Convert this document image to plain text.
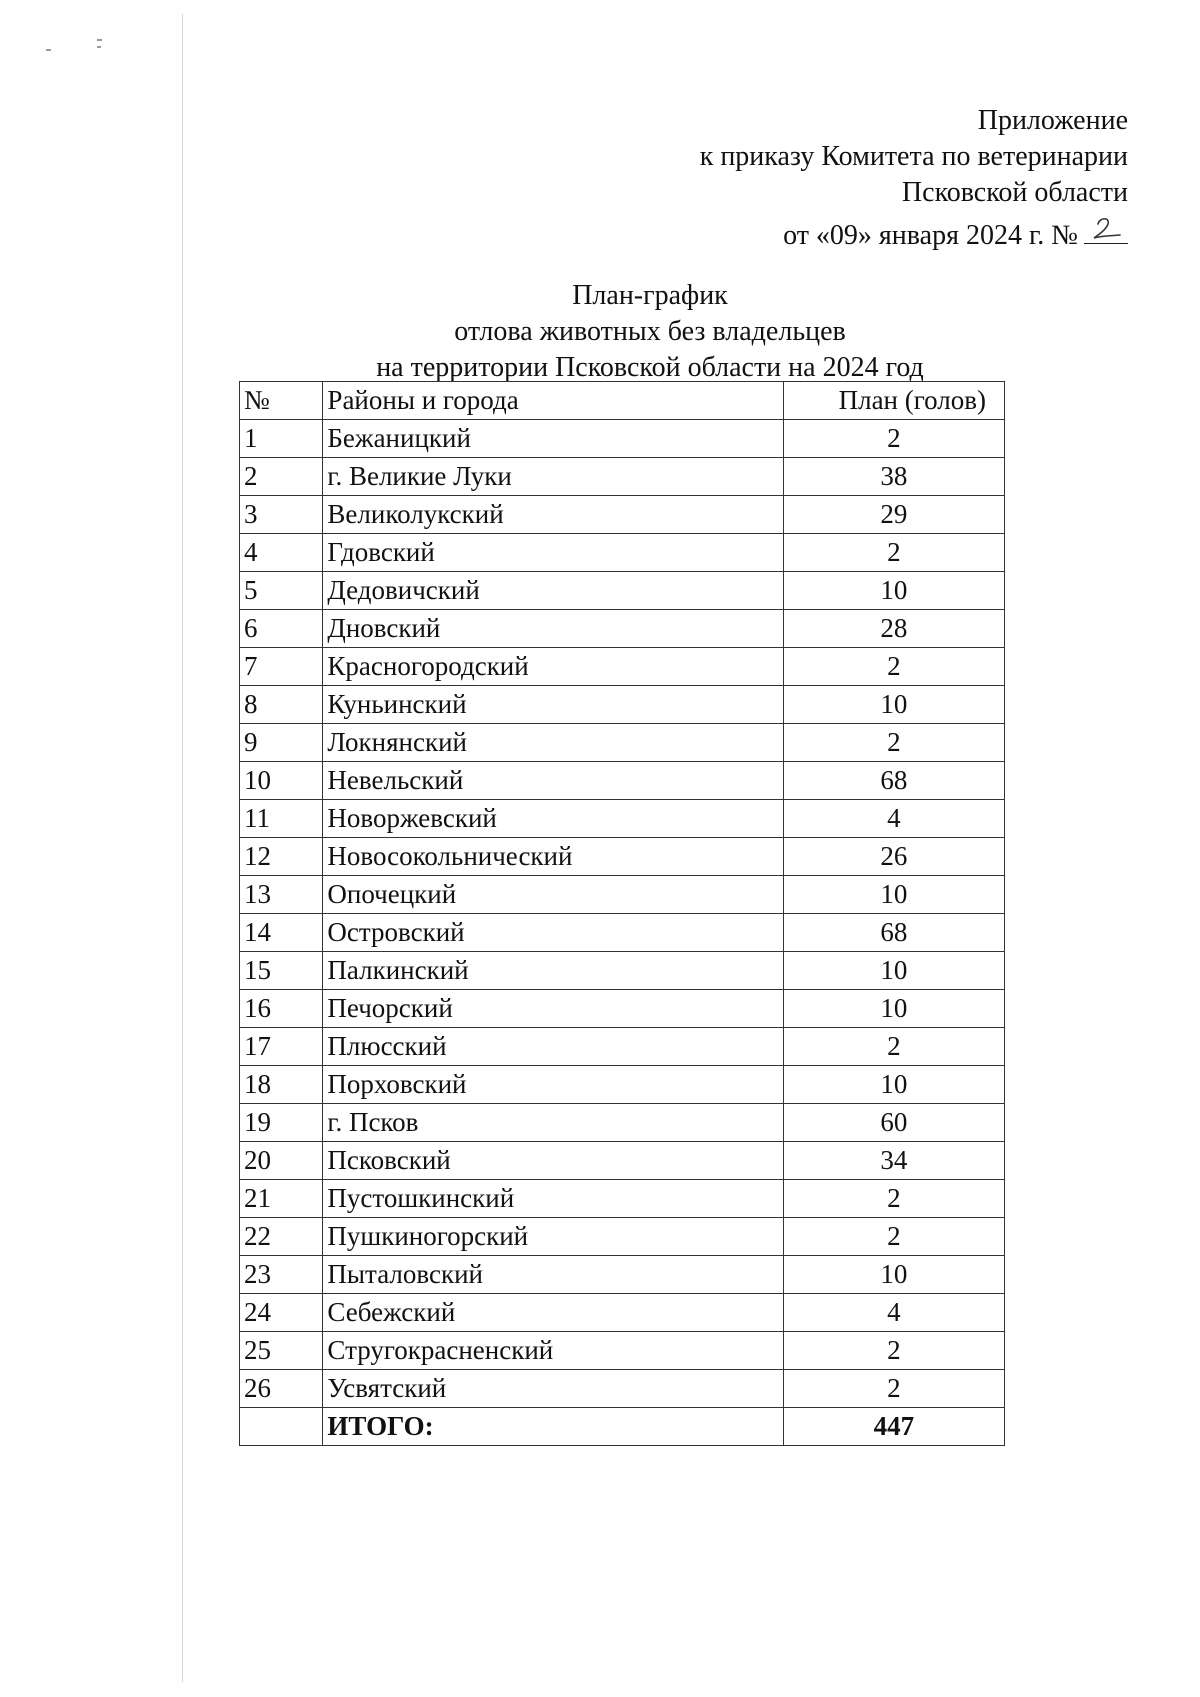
Приложение
к приказу Комитета по ветеринарии
Псковской области
от «09» января 2024 г. №
План-график
отлова животных без владельцев
на территории Псковской области на 2024 год
№	Районы и города	План (голов)
1	Бежаницкий	2
2	г. Великие Луки	38
3	Великолукский	29
4	Гдовский	2
5	Дедовичский	10
6	Дновский	28
7	Красногородский	2
8	Куньинский	10
9	Локнянский	2
10	Невельский	68
11	Новоржевский	4
12	Новосокольнический	26
13	Опочецкий	10
14	Островский	68
15	Палкинский	10
16	Печорский	10
17	Плюсский	2
18	Порховский	10
19	г. Псков	60
20	Псковский	34
21	Пустошкинский	2
22	Пушкиногорский	2
23	Пыталовский	10
24	Себежский	4
25	Стругокрасненский	2
26	Усвятский	2
	ИТОГО:	447
